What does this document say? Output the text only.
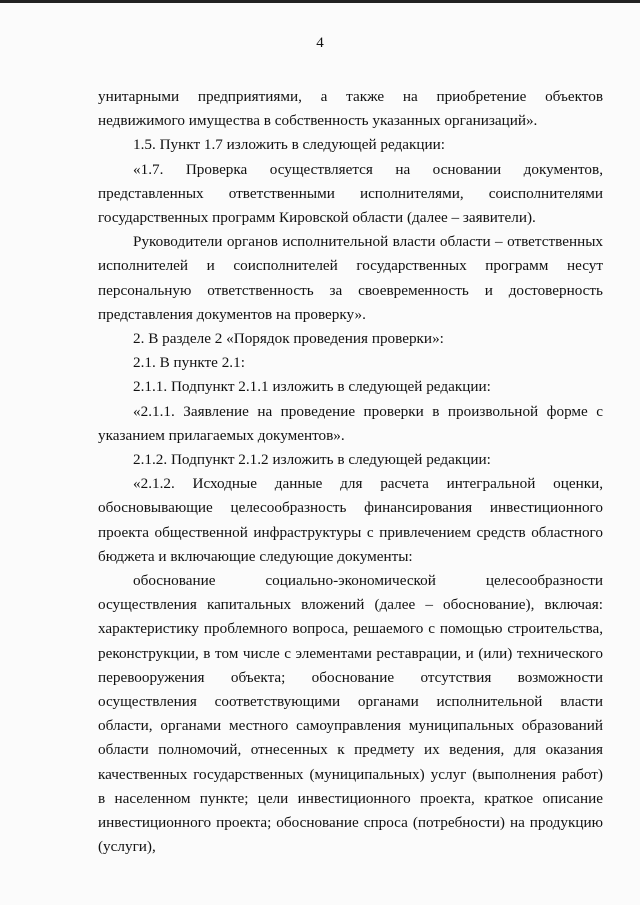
4

унитарными предприятиями, а также на приобретение объектов недвижимого имущества в собственность указанных организаций».

1.5. Пункт 1.7 изложить в следующей редакции:

«1.7. Проверка осуществляется на основании документов, представленных ответственными исполнителями, соисполнителями государственных программ Кировской области (далее – заявители).

Руководители органов исполнительной власти области – ответственных исполнителей и соисполнителей государственных программ несут персональную ответственность за своевременность и достоверность представления документов на проверку».

2. В разделе 2 «Порядок проведения проверки»:

2.1. В пункте 2.1:

2.1.1. Подпункт 2.1.1 изложить в следующей редакции:

«2.1.1. Заявление на проведение проверки в произвольной форме с указанием прилагаемых документов».

2.1.2. Подпункт 2.1.2 изложить в следующей редакции:

«2.1.2. Исходные данные для расчета интегральной оценки, обосновывающие целесообразность финансирования инвестиционного проекта общественной инфраструктуры с привлечением средств областного бюджета и включающие следующие документы:

обоснование социально-экономической целесообразности осуществления капитальных вложений (далее – обоснование), включая: характеристику проблемного вопроса, решаемого с помощью строительства, реконструкции, в том числе с элементами реставрации, и (или) технического перевооружения объекта; обоснование отсутствия возможности осуществления соответствующими органами исполнительной власти области, органами местного самоуправления муниципальных образований области полномочий, отнесенных к предмету их ведения, для оказания качественных государственных (муниципальных) услуг (выполнения работ) в населенном пункте; цели инвестиционного проекта, краткое описание инвестиционного проекта; обоснование спроса (потребности) на продукцию (услуги),
